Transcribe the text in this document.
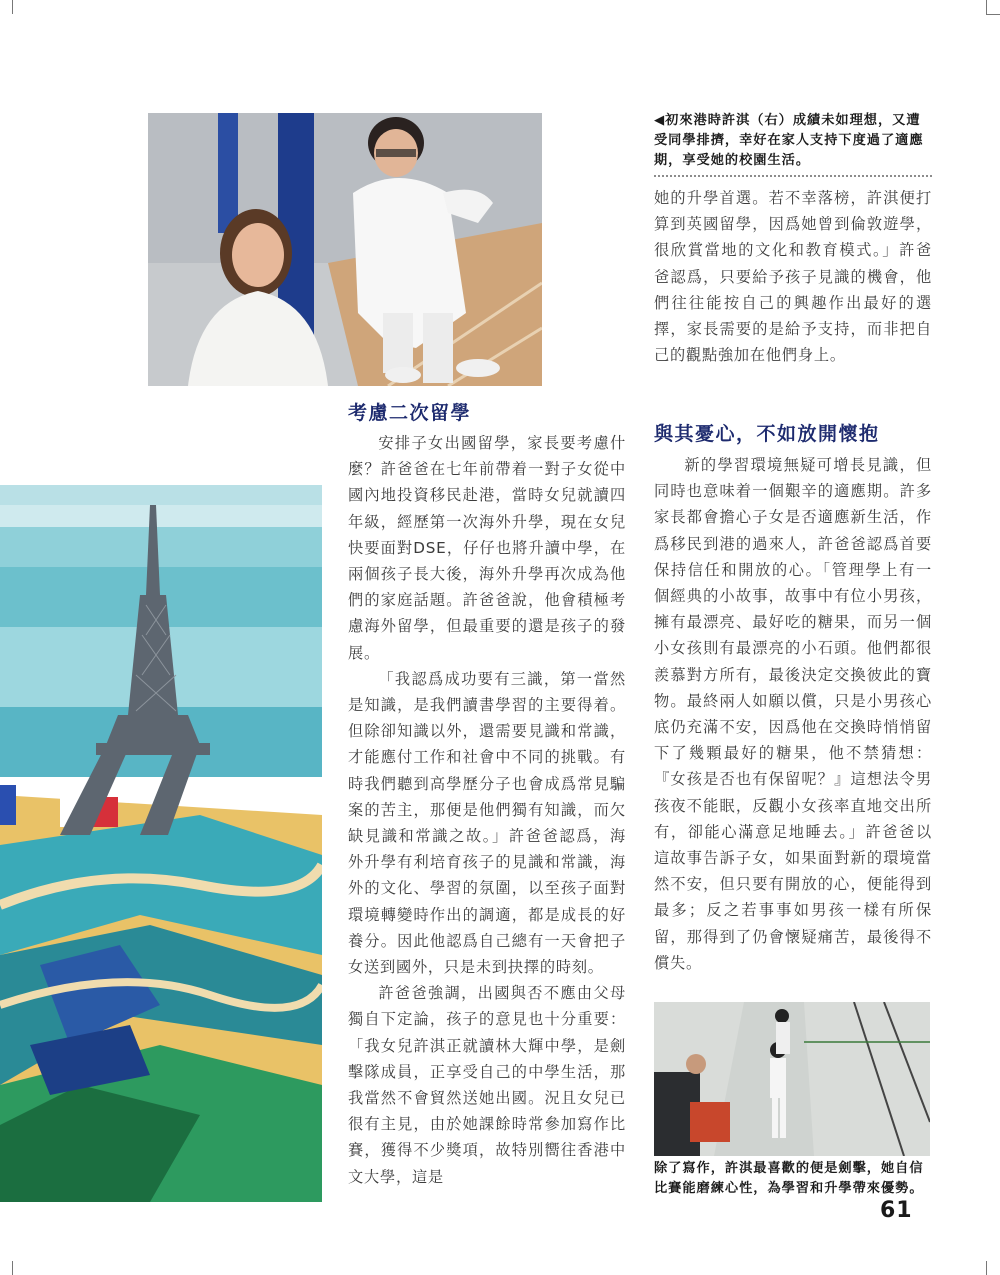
◀初來港時許淇（右）成績未如理想，又遭受同學排擠，幸好在家人支持下度過了適應期，享受她的校園生活。
考慮二次留學
與其憂心，不如放開懷抱

安排子女出國留學，家長要考慮什麼？許爸爸在七年前帶着一對子女從中國內地投資移民赴港，當時女兒就讀四年級，經歷第一次海外升學，現在女兒快要面對DSE，仔仔也將升讀中學，在兩個孩子長大後，海外升學再次成為他們的家庭話題。許爸爸說，他會積極考慮海外留學，但最重要的還是孩子的發展。

「我認爲成功要有三識，第一當然是知識，是我們讀書學習的主要得着。但除卻知識以外，還需要見識和常識，才能應付工作和社會中不同的挑戰。有時我們聽到高學歷分子也會成爲常見騙案的苦主，那便是他們獨有知識，而欠缺見識和常識之故。」許爸爸認爲，海外升學有利培育孩子的見識和常識，海外的文化、學習的氛圍，以至孩子面對環境轉變時作出的調適，都是成長的好養分。因此他認爲自己總有一天會把子女送到國外，只是未到抉擇的時刻。

許爸爸強調，出國與否不應由父母獨自下定論，孩子的意見也十分重要：「我女兒許淇正就讀林大輝中學，是劍擊隊成員，正享受自己的中學生活，那我當然不會貿然送她出國。況且女兒已很有主見，由於她課餘時常參加寫作比賽，獲得不少獎項，故特別嚮往香港中文大學，這是

她的升學首選。若不幸落榜，許淇便打算到英國留學，因爲她曾到倫敦遊學，很欣賞當地的文化和教育模式。」許爸爸認爲，只要給予孩子見識的機會，他們往往能按自己的興趣作出最好的選擇，家長需要的是給予支持，而非把自己的觀點強加在他們身上。

新的學習環境無疑可增長見識，但同時也意味着一個艱辛的適應期。許多家長都會擔心子女是否適應新生活，作爲移民到港的過來人，許爸爸認爲首要保持信任和開放的心。「管理學上有一個經典的小故事，故事中有位小男孩，擁有最漂亮、最好吃的糖果，而另一個小女孩則有最漂亮的小石頭。他們都很羨慕對方所有，最後決定交換彼此的寶物。最終兩人如願以償，只是小男孩心底仍充滿不安，因爲他在交換時悄悄留下了幾顆最好的糖果，他不禁猜想：『女孩是否也有保留呢？』這想法令男孩夜不能眠，反觀小女孩率直地交出所有，卻能心滿意足地睡去。」許爸爸以這故事告訴子女，如果面對新的環境當然不安，但只要有開放的心，便能得到最多；反之若事事如男孩一樣有所保留，那得到了仍會懷疑痛苦，最後得不償失。

除了寫作，許淇最喜歡的便是劍擊，她自信比賽能磨練心性，為學習和升學帶來優勢。
61
